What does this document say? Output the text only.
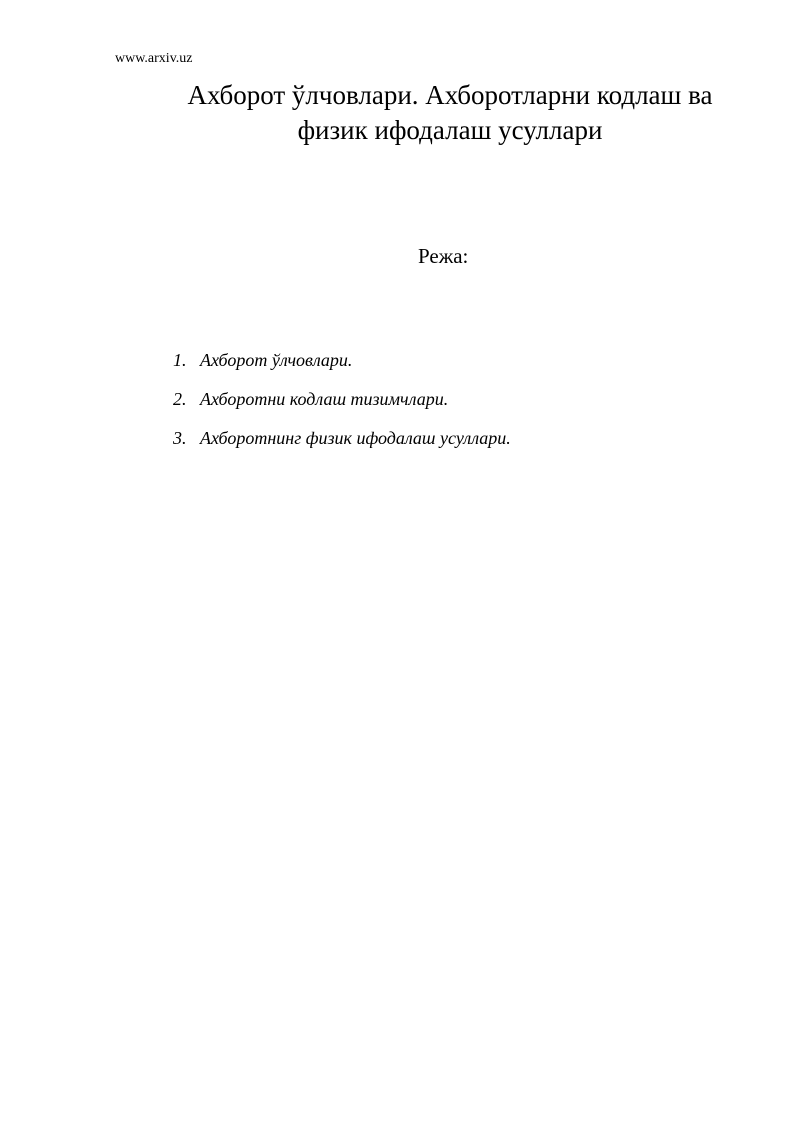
www.arxiv.uz
Ахборот ўлчовлари. Ахборотларни кодлаш ва
физик ифодалаш усуллари
Режа:
1. Ахборот ўлчовлари.
2. Ахборотни кодлаш тизимчлари.
3. Ахборотнинг физик ифодалаш усуллари.
